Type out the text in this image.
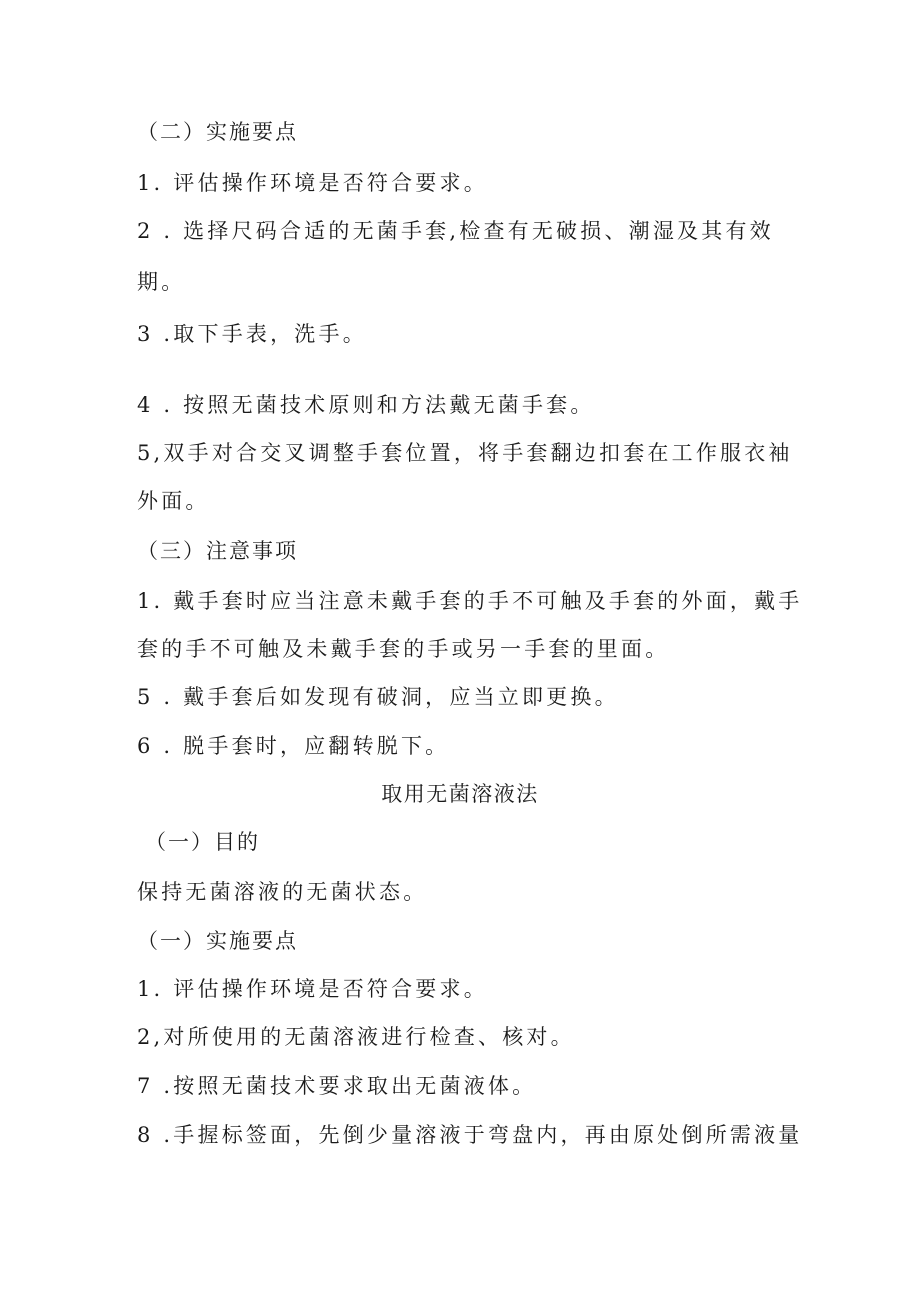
（二）实施要点
1. 评估操作环境是否符合要求。
2 . 选择尺码合适的无菌手套,检查有无破损、潮湿及其有效
期。
3 .取下手表，洗手。
4 . 按照无菌技术原则和方法戴无菌手套。
5,双手对合交叉调整手套位置，将手套翻边扣套在工作服衣袖
外面。
（三）注意事项
1. 戴手套时应当注意未戴手套的手不可触及手套的外面，戴手
套的手不可触及未戴手套的手或另一手套的里面。
5 . 戴手套后如发现有破洞，应当立即更换。
6 . 脱手套时，应翻转脱下。
取用无菌溶液法
（一）目的
保持无菌溶液的无菌状态。
（一）实施要点
1. 评估操作环境是否符合要求。
2,对所使用的无菌溶液进行检查、核对。
7 .按照无菌技术要求取出无菌液体。
8 .手握标签面，先倒少量溶液于弯盘内，再由原处倒所需液量
